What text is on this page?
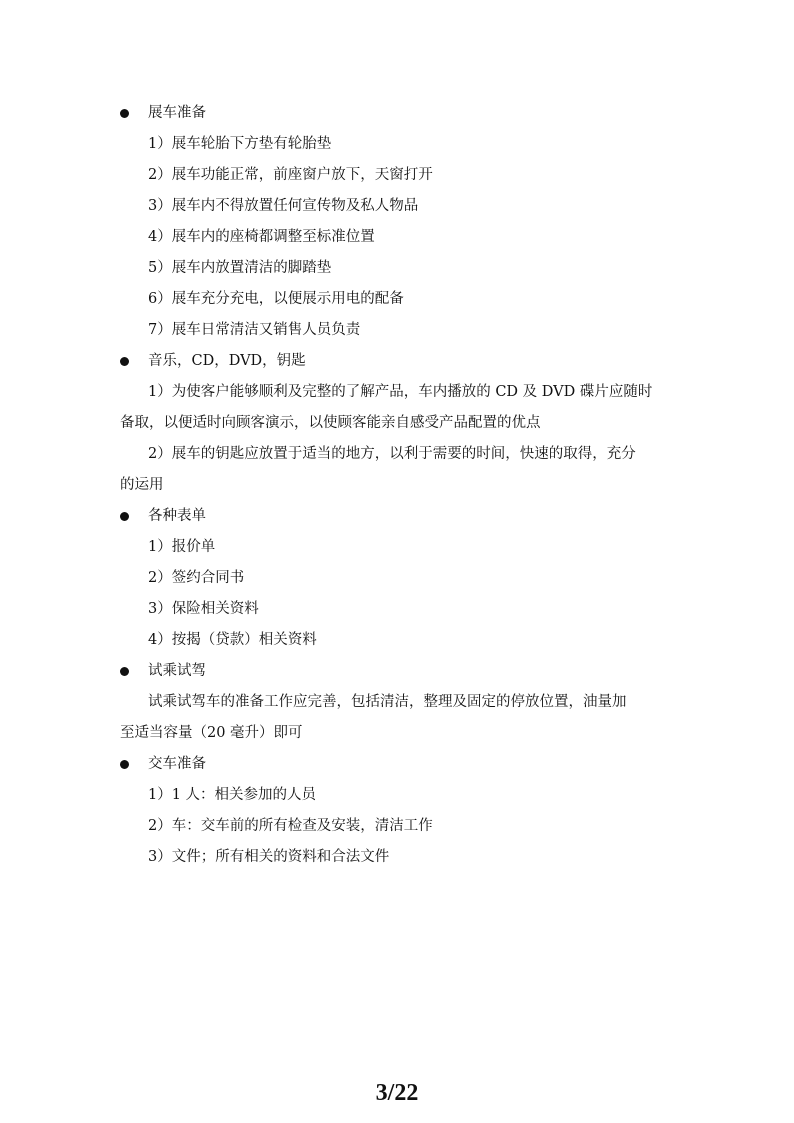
展车准备
1）展车轮胎下方垫有轮胎垫
2）展车功能正常，前座窗户放下，天窗打开
3）展车内不得放置任何宣传物及私人物品
4）展车内的座椅都调整至标准位置
5）展车内放置清洁的脚踏垫
6）展车充分充电，以便展示用电的配备
7）展车日常清洁又销售人员负责
音乐，CD，DVD，钥匙
1）为使客户能够顺利及完整的了解产品，车内播放的 CD 及 DVD 碟片应随时
备取，以便适时向顾客演示，以使顾客能亲自感受产品配置的优点
2）展车的钥匙应放置于适当的地方，以利于需要的时间，快速的取得，充分
的运用
各种表单
1）报价单
2）签约合同书
3）保险相关资料
4）按揭（贷款）相关资料
试乘试驾
试乘试驾车的准备工作应完善，包括清洁，整理及固定的停放位置，油量加
至适当容量（20 毫升）即可
交车准备
1）1 人：相关参加的人员
2）车：交车前的所有检查及安装，清洁工作
3）文件；所有相关的资料和合法文件
3/22
